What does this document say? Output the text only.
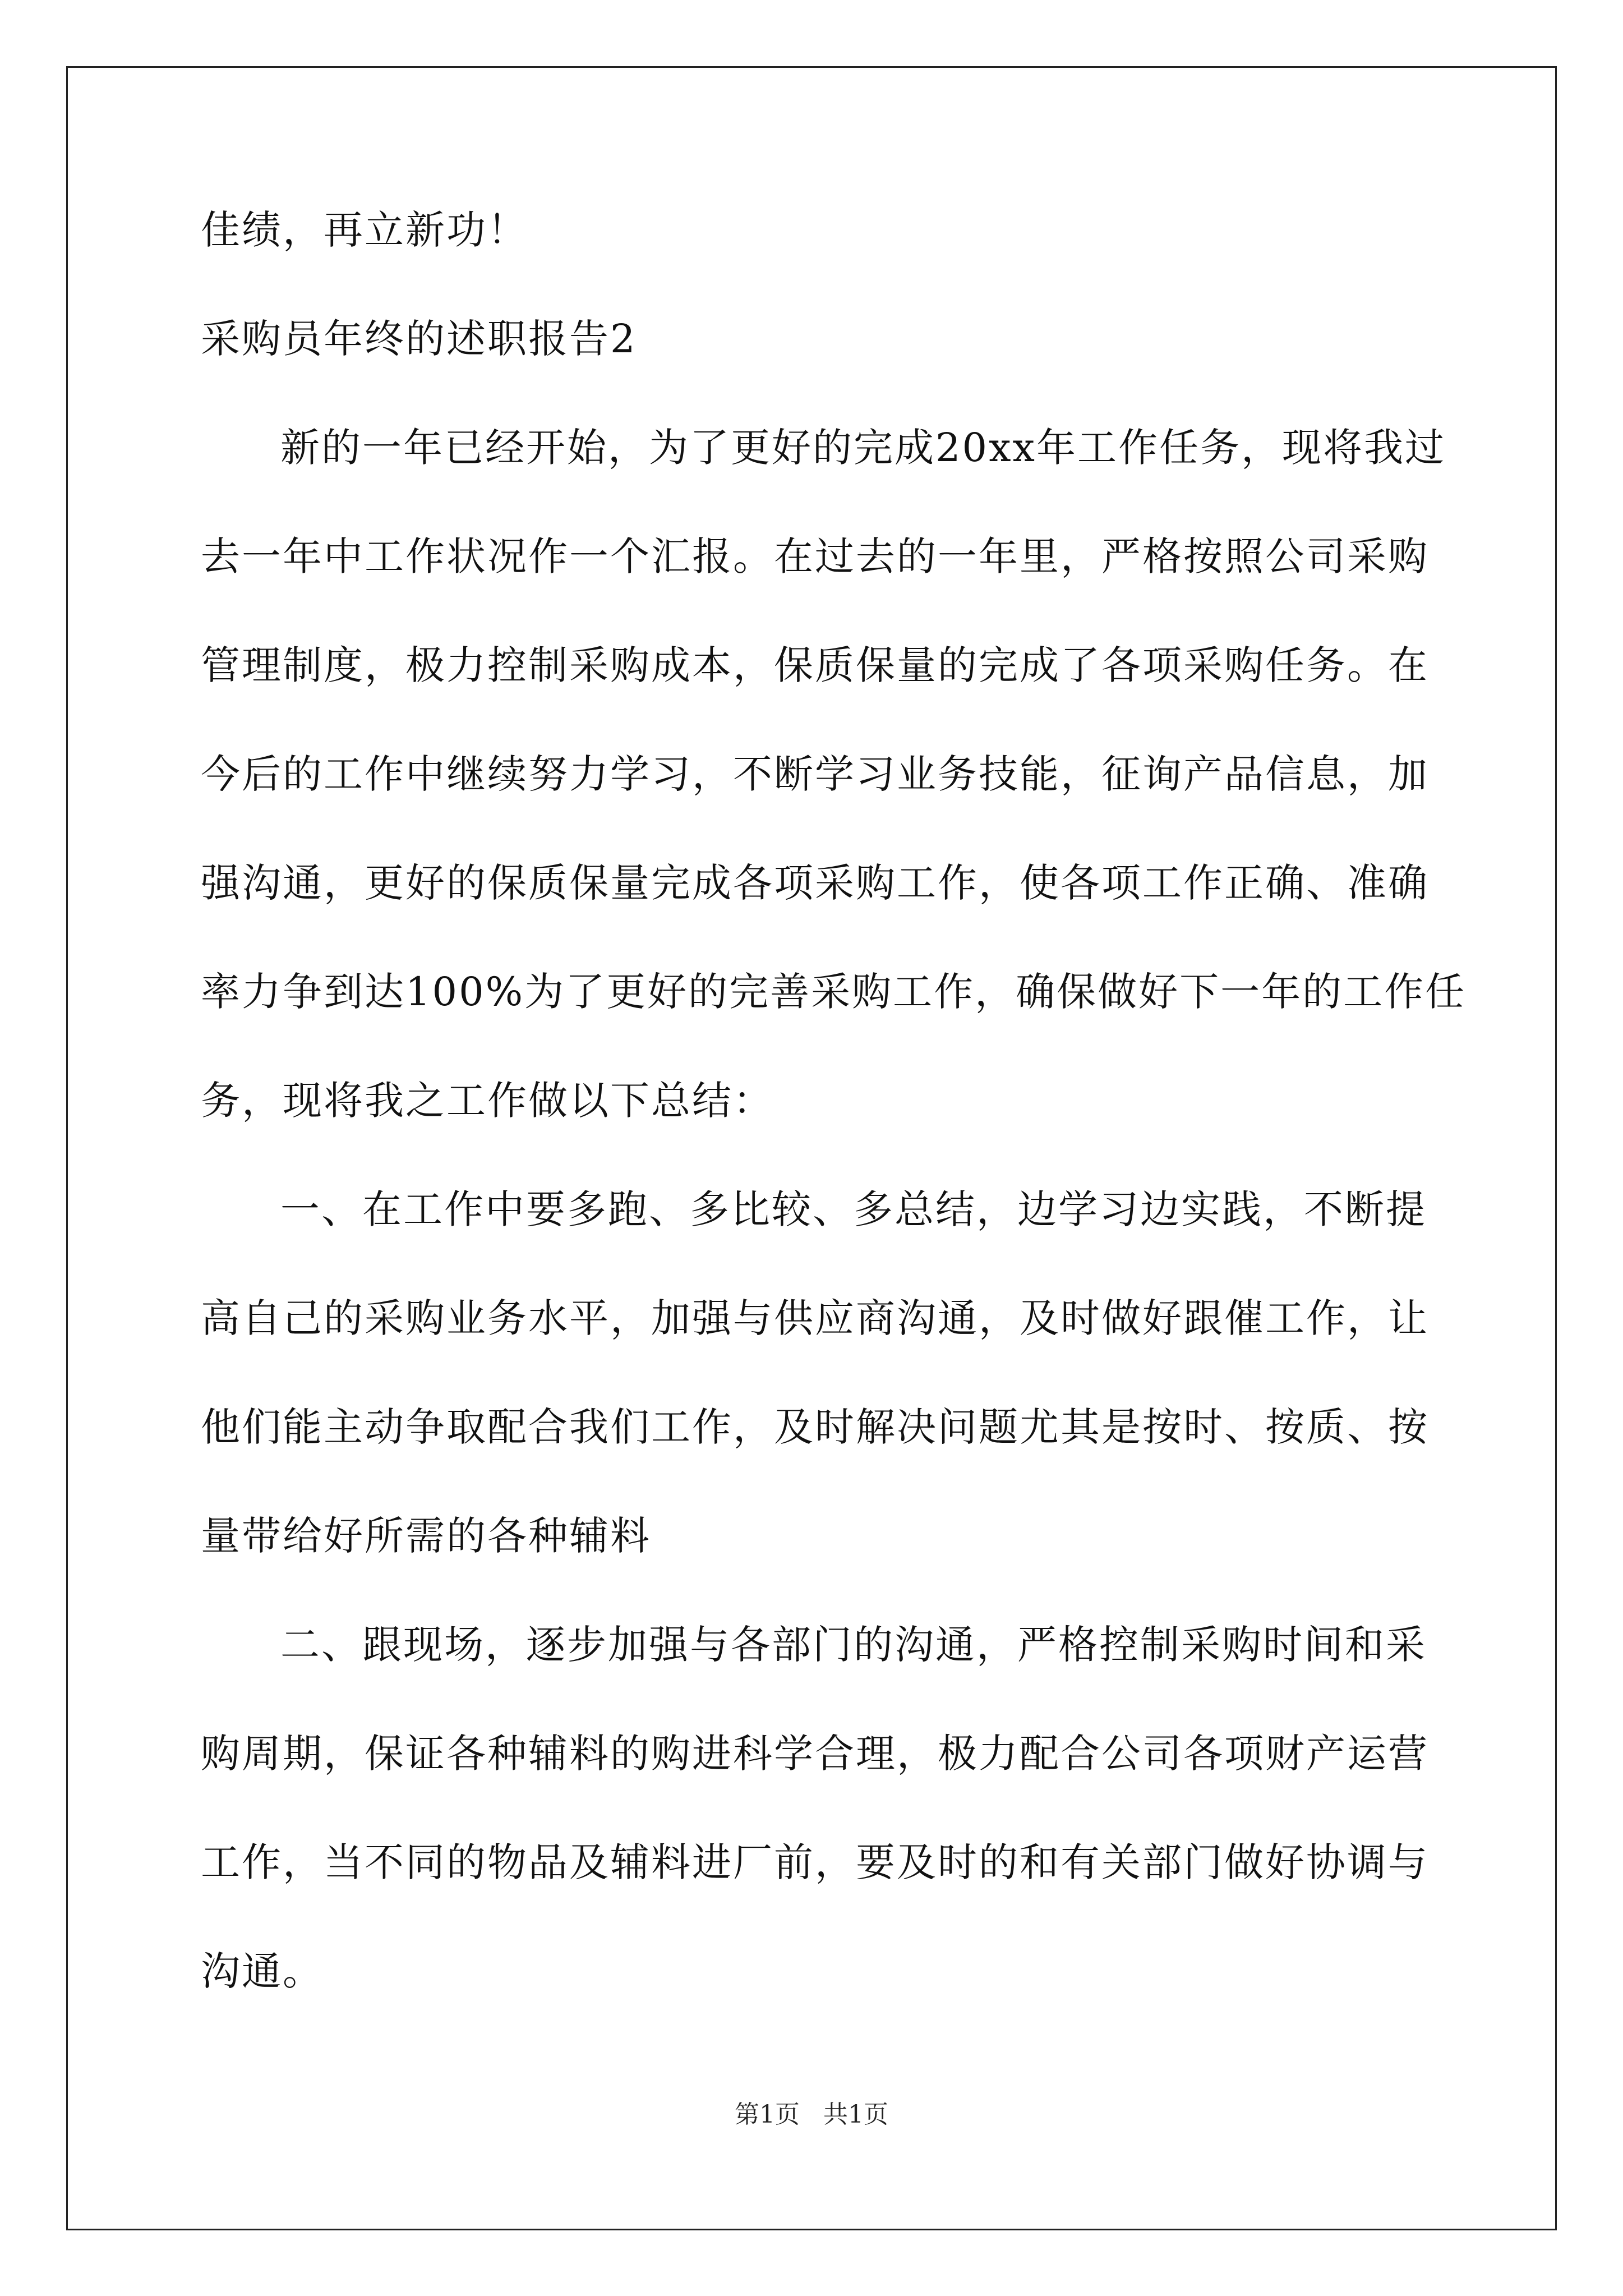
佳绩，再立新功！
采购员年终的述职报告2
新的一年已经开始，为了更好的完成20xx年工作任务，现将我过
去一年中工作状况作一个汇报。在过去的一年里，严格按照公司采购
管理制度，极力控制采购成本，保质保量的完成了各项采购任务。在
今后的工作中继续努力学习，不断学习业务技能，征询产品信息，加
强沟通，更好的保质保量完成各项采购工作，使各项工作正确、准确
率力争到达100%为了更好的完善采购工作，确保做好下一年的工作任
务，现将我之工作做以下总结：
一、在工作中要多跑、多比较、多总结，边学习边实践，不断提
高自己的采购业务水平，加强与供应商沟通，及时做好跟催工作，让
他们能主动争取配合我们工作，及时解决问题尤其是按时、按质、按
量带给好所需的各种辅料
二、跟现场，逐步加强与各部门的沟通，严格控制采购时间和采
购周期，保证各种辅料的购进科学合理，极力配合公司各项财产运营
工作，当不同的物品及辅料进厂前，要及时的和有关部门做好协调与
沟通。
第1页   共1页
